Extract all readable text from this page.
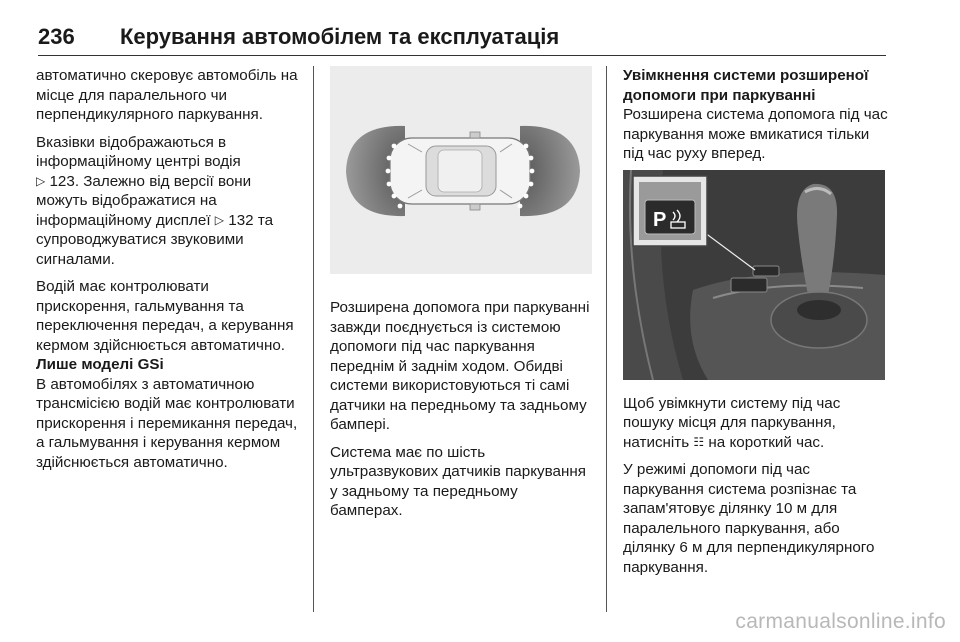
236 Керування автомобілем та експлуатація

автоматично скеровує автомобіль на місце для паралельного чи перпендикулярного паркування.

Вказівки відображаються в інформаційному центрі водія
▷ 123. Залежно від версії вони можуть відображатися на інформаційному дисплеї ▷ 132 та супроводжуватися звуковими сигналами.

Водій має контролювати прискорення, гальмування та переключення передач, а керування кермом здійснюється автоматично.

Лише моделі GSi

В автомобілях з автоматичною трансмісією водій має контролювати прискорення і перемикання передач, а гальмування і керування кермом здійснюється автоматично.

Розширена допомога при паркуванні завжди поєднується із системою допомоги під час паркування переднім й заднім ходом. Обидві системи використовуються ті самі датчики на передньому та задньому бампері.

Система має по шість ультразвукових датчиків паркування у задньому та передньому бамперах.

Увімкнення системи розширеної допомоги при паркуванні

Розширена система допомога під час паркування може вмикатися тільки під час руху вперед.

P

Щоб увімкнути систему під час пошуку місця для паркування, натисніть ☷ на короткий час.

У режимі допомоги під час паркування система розпізнає та запам'ятовує ділянку 10 м для паралельного паркування, або ділянку 6 м для перпендикулярного паркування.

carmanualsonline.info
